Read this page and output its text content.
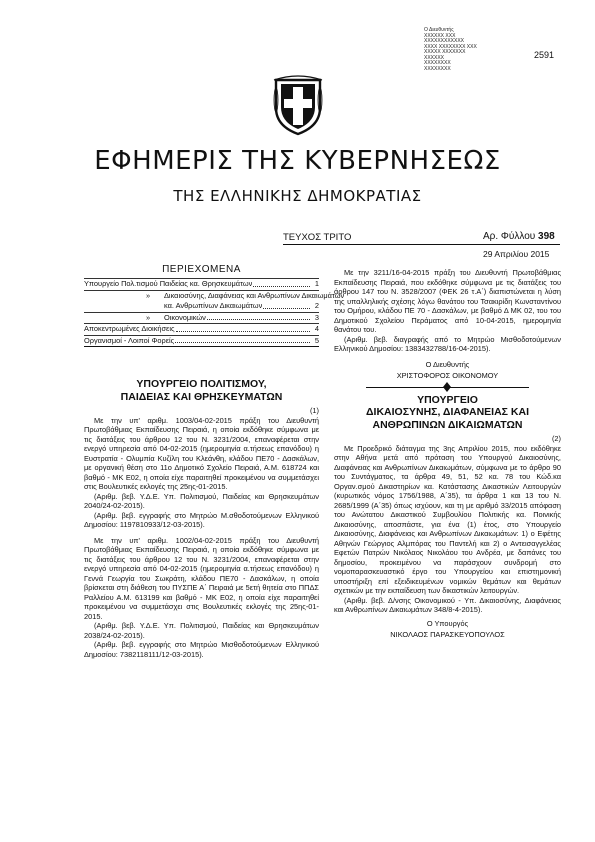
Ο Διευθυντής
ΧΧΧΧΧΧ ΧΧΧ
ΧΧΧΧΧΧΧΧΧΧΧΧ
ΧΧΧΧ ΧΧΧΧΧΧΧΧ ΧΧΧ
ΧΧΧΧΧ ΧΧΧΧΧΧΧ
ΧΧΧΧΧΧ
ΧΧΧΧΧΧΧΧ
ΧΧΧΧΧΧΧΧ
2591
ΕΦΗΜΕΡΙΣ ΤΗΣ ΚΥΒΕΡΝΗΣΕΩΣ
ΤΗΣ ΕΛΛΗΝΙΚΗΣ ΔΗΜΟΚΡΑΤΙΑΣ
ΤΕΥΧΟΣ ΤΡΙΤΟ	Αρ. Φύλλου 398
29 Απριλίου 2015
ΠΕΡΙΕΧΟΜΕΝΑ
Υπουργείο Πολ.τισμού Παιδείας κα. Θρησκευμάτων	1
»	Δικαιοσύνης, Διαφάνειας και Ανθρωπίνων Δικαιωμάτων
κα. Ανθρωπίνων Δικαιωμάτων	2
»	Οικονομικών	3
Αποκεντρωμένες Διοικήσεις	4
Οργανισμοί - Λοιποί Φορείς	5

ΥΠΟΥΡΓΕΙΟ ΠΟΛΙΤΙΣΜΟΥ,

ΠΑΙΔΕΙΑΣ ΚΑΙ ΘΡΗΣΚΕΥΜΑΤΩΝ

(1)

Με την υπ' αριθμ. 1003/04-02-2015 πράξη του Διευθυντή Πρωτοβάθμιας Εκπαίδευσης Πειραιά, η οποία εκδόθηκε σύμφωνα με τις διατάξεις του άρθρου 12 του Ν. 3231/2004, επαναφέρεται στην ενεργό υπηρεσία από 04-02-2015 (ημερομηνία α.τήσεως επανόδου) η Ευστρατία - Ολυμπία Κυζίλη του Κλεάνθη, κλάδου ΠΕ70 - Δασκάλων, με οργανική θέση στο 11ο Δημοτικό Σχολείο Πειραιά, Α.Μ. 618724 και βαθμό - ΜΚ Ε02, η οποία είχε παραιτηθεί προκειμένου να συμμετάσχει στις Βουλευτικές εκλογές της 25ης-01-2015.

(Αριθμ. βεβ. Υ.Δ.Ε. Υπ. Πολιτισμού, Παιδείας και Θρησκευμάτων 2040/24-02-2015).

(Αριθμ. βεβ. εγγραφής στο Μητρώο Μ.σθοδοτούμενων Ελληνικού Δημοσίου: 1197810933/12-03-2015).

Με την υπ' αριθμ. 1002/04-02-2015 πράξη του Διευθυντή Πρωτοβάθμιας Εκπαίδευσης Πειραιά, η οποία εκδόθηκε σύμφωνα με τις διατάξεις του άρθρου 12 του Ν. 3231/2004, επαναφέρεται στην ενεργό υπηρεσία από 04-02-2015 (ημερομηνία α.τήσεως επανόδου) η Γεννά Γεωργία του Σωκράτη, κλάδου ΠΕ70 - Δασκάλων, η οποία βρίσκεται στη διάθεση του ΠΥΣΠΕ Α΄ Πειραιά με 5ετή θητεία στο ΠΠΔΣ Ραλλείου Α.Μ. 613199 και βαθμό - ΜΚ Ε02, η οποία είχε παραιτηθεί προκειμένου να συμμετάσχει στις Βουλευτικές εκλογές της 25ης-01-2015.

(Αριθμ. βεβ. Υ.Δ.Ε. Υπ. Πολιτισμού, Παιδείας και Θρησκευμάτων 2038/24-02-2015).

(Αριθμ. βεβ. εγγραφής στο Μητρώο Μισθοδοτούμενων Ελληνικού Δημοσίου: 7382118111/12-03-2015).

Με την 3211/16-04-2015 πράξη του Διευθυντή Πρωτοβάθμιας Εκπαίδευσης Πειραιά, που εκδόθηκε σύμφωνα με τις διατάξεις του άρθρου 147 του Ν. 3528/2007 (ΦΕΚ 26 τ.Α΄) διαπιστώνεται η λύση της υπαλληλικής σχέσης λόγω θανάτου του Τσακιρίδη Κωνσταντίνου του Ομήρου, κλάδου ΠΕ 70 - Δασκάλων, με βαθμό Δ ΜΚ 02, του του Δημοτικού Σχολείου Περάματος από 10-04-2015, ημερομηνία θανάτου του.

(Αριθμ. βεβ. διαγραφής από το Μητρώο Μισθοδοτούμενων Ελληνικού Δημοσίου: 1383432788/16-04-2015).

Ο Διευθυντής

ΧΡΙΣΤΟΦΟΡΟΣ ΟΙΚΟΝΟΜΟΥ

ΥΠΟΥΡΓΕΙΟ

ΔΙΚΑΙΟΣΥΝΗΣ, ΔΙΑΦΑΝΕΙΑΣ ΚΑΙ

ΑΝΘΡΩΠΙΝΩΝ ΔΙΚΑΙΩΜΑΤΩΝ

(2)

Με Προεδρικό διάταγμα της 3ης Απριλίου 2015, που εκδόθηκε στην Αθήνα μετά από πρόταση του Υπουργού Δικαιοσύνης, Διαφάνειας και Ανθρωπίνων Δικαιωμάτων, σύμφωνα με το άρθρο 90 του Συντάγματος, τα άρθρα 49, 51, 52 κα. 78 του Κώδ.κα Οργαν.σμού Δικαστηρίων κα. Κατάστασης Δικαστικών Λειτουργών (κυρωτικός νόμος 1756/1988, Α΄35), τα άρθρα 1 και 13 του Ν. 2685/1999 (Α΄35) όπως ισχύουν, και τη με αριθμό 33/2015 απόφαση του Ανώτατου Δικαστικού Συμβουλίου Πολιτικής κα. Ποινικής Δικαιοσύνης, αποσπάστε, για ένα (1) έτος, στο Υπουργείο Δικαιοσύνης, Διαφάνειας και Ανθρωπίνων Δικαιωμάτων: 1) ο Εφέτης Αθηνών Γεώργιος Αλμπόρας του Παντελή και 2) ο Αντεισαγγελέας Εφετών Πατρών Νικόλαος Νικολάου του Ανδρέα, με δαπάνες του δημοσίου, προκειμένου να παράσχουν συνδρομή στο νομοπαρασκευαστικό έργο του Υπουργείου και επιστημονική υποστήριξη επί εξειδικευμένων νομικών θεμάτων και θεμάτων σχετικών με την εκπαίδευση των δικαστικών λειτουργών.

(Αριθμ. βεβ. Δ/νσης Οικονομικού - Υπ. Δικαιοσύνης, Διαφάνειας και Ανθρωπίνων Δικαιωμάτων 348/8-4-2015).

Ο Υπουργός

ΝΙΚΟΛΑΟΣ ΠΑΡΑΣΚΕΥΟΠΟΥΛΟΣ
